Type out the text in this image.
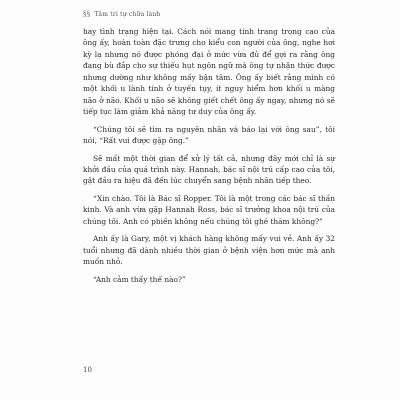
§§ Tâm trí tự chữa lành

hay tình trạng hiện tại. Cách nói mang tính trang trọng cao của ông ấy, hoàn toàn đặc trưng cho kiểu con người của ông, nghe hơi kỳ lạ nhưng nó được phóng đại ở mức vừa đủ để gợi ra rằng ông đang bù đắp cho sự thiếu hụt ngôn ngữ mà ông tự nhận thức được nhưng dường như không mấy bận tâm. Ông ấy biết rằng mình có một khối u lành tính ở tuyến tụy, ít nguy hiểm hơn khối u màng não ở não. Khối u não sẽ không giết chết ông ấy ngay, nhưng nó sẽ tiếp tục làm giảm khả năng tư duy của ông ấy.

“Chúng tôi sẽ tìm ra nguyên nhân và báo lại với ông sau”, tôi nói, “Rất vui được gặp ông.”

Sẽ mất một thời gian để xử lý tất cả, nhưng đây mới chỉ là sự khởi đầu của quá trình này. Hannah, bác sĩ nội trú cấp cao của tôi, gật đầu ra hiệu đã đến lúc chuyển sang bệnh nhân tiếp theo.

“Xin chào. Tôi là Bác sĩ Ropper. Tôi là một trong các bác sĩ thần kinh. Và anh vừa gặp Hannah Ross, bác sĩ trưởng khoa nội trú của chúng tôi. Anh có phiền không nếu chúng tôi ghé thăm không?”

Anh ấy là Gary, một vị khách hàng không mấy vui vẻ. Anh ấy 32 tuổi nhưng đã dành nhiều thời gian ở bệnh viện hơn mức mà anh muốn nhỏ.

“Anh cảm thấy thế nào?”

10
